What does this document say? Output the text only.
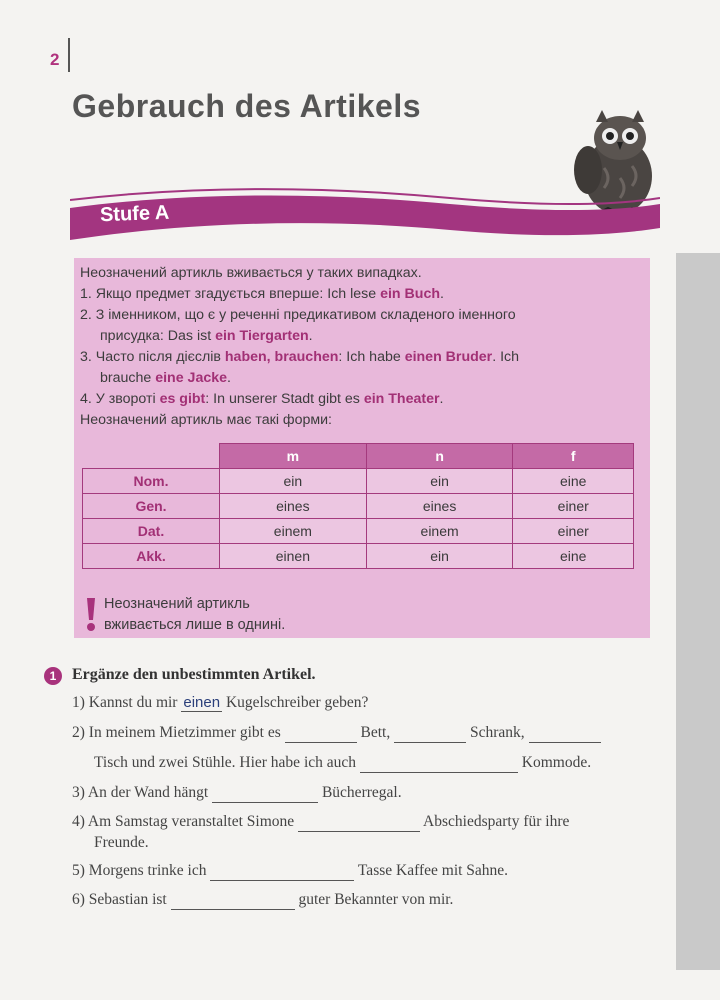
2
Gebrauch des Artikels
Stufe A

Неозначений артикль вживається у таких випадках.

1. Якщо предмет згадується вперше: Ich lese ein Buch.

2. З іменником, що є у реченні предикативом складеного іменного

присудка: Das ist ein Tiergarten.

3. Часто після дієслів haben, brauchen: Ich habe einen Bruder. Ich

brauche eine Jacke.

4. У звороті es gibt: In unserer Stadt gibt es ein Theater.

Неозначений артикль має такі форми:

	m	n	f
Nom.	ein	ein	eine
Gen.	eines	eines	einer
Dat.	einem	einem	einer
Akk.	einen	ein	eine
Неозначений артикль
вживається лише в однині.
1 Ergänze den unbestimmten Artikel.
1) Kannst du mir einen Kugelschreiber geben?
2) In meinem Mietzimmer gibt es	Bett,	Schrank,
Tisch und zwei Stühle. Hier habe ich auch	Kommode.
3) An der Wand hängt	Bücherregal.
4) Am Samstag veranstaltet Simone	Abschiedsparty für ihre
Freunde.
5) Morgens trinke ich	Tasse Kaffee mit Sahne.
6) Sebastian ist	guter Bekannter von mir.
